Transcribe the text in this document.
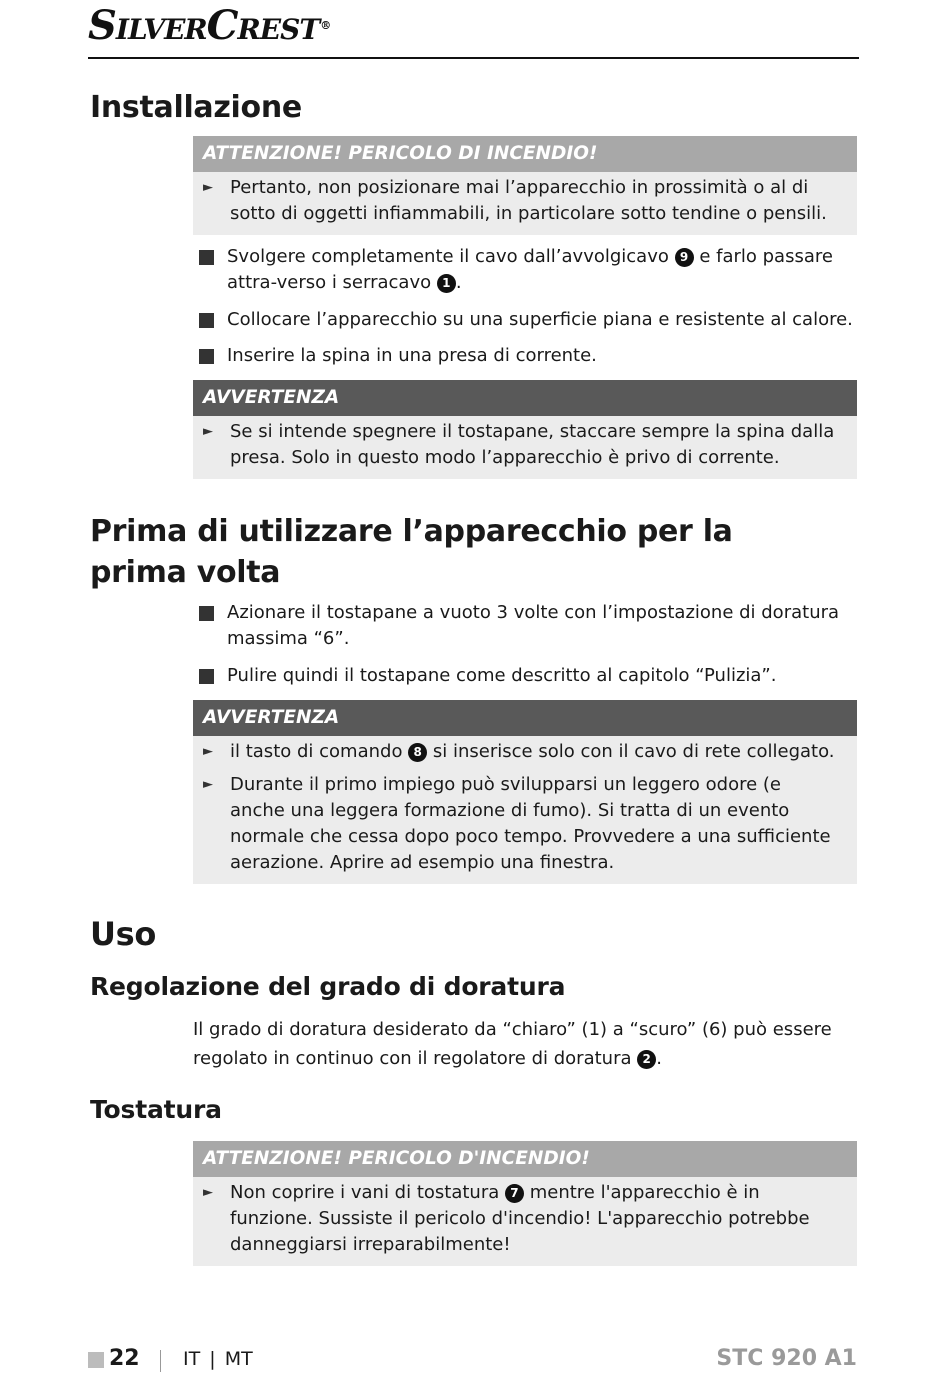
SilverCrest®
Installazione
ATTENZIONE! PERICOLO DI INCENDIO!
► Pertanto, non posizionare mai l’apparecchio in prossimità o al di sotto di oggetti infiammabili, in particolare sotto tendine o pensili.
Svolgere completamente il cavo dall’avvolgicavo 9 e farlo passare attra-verso i serracavo 1 .
Collocare l’apparecchio su una superficie piana e resistente al calore.
Inserire la spina in una presa di corrente.
AVVERTENZA
► Se si intende spegnere il tostapane, staccare sempre la spina dalla presa. Solo in questo modo l’apparecchio è privo di corrente.
Prima di utilizzare l’apparecchio per la
prima volta
Azionare il tostapane a vuoto 3 volte con l’impostazione di doratura massima “6”.
Pulire quindi il tostapane come descritto al capitolo “Pulizia”.
AVVERTENZA
► il tasto di comando 8 si inserisce solo con il cavo di rete collegato.
► Durante il primo impiego può svilupparsi un leggero odore (e anche una leggera formazione di fumo). Si tratta di un evento normale che cessa dopo poco tempo. Provvedere a una sufficiente aerazione. Aprire ad esempio una finestra.
Uso
Regolazione del grado di doratura
Il grado di doratura desiderato da “chiaro” (1) a “scuro” (6) può essere regolato in continuo con il regolatore di doratura 2 .
Tostatura
ATTENZIONE! PERICOLO D'INCENDIO!
► Non coprire i vani di tostatura 7 mentre l'apparecchio è in funzione. Sussiste il pericolo d'incendio! L'apparecchio potrebbe danneggiarsi irreparabilmente!
22 IT | MT	STC 920 A1
